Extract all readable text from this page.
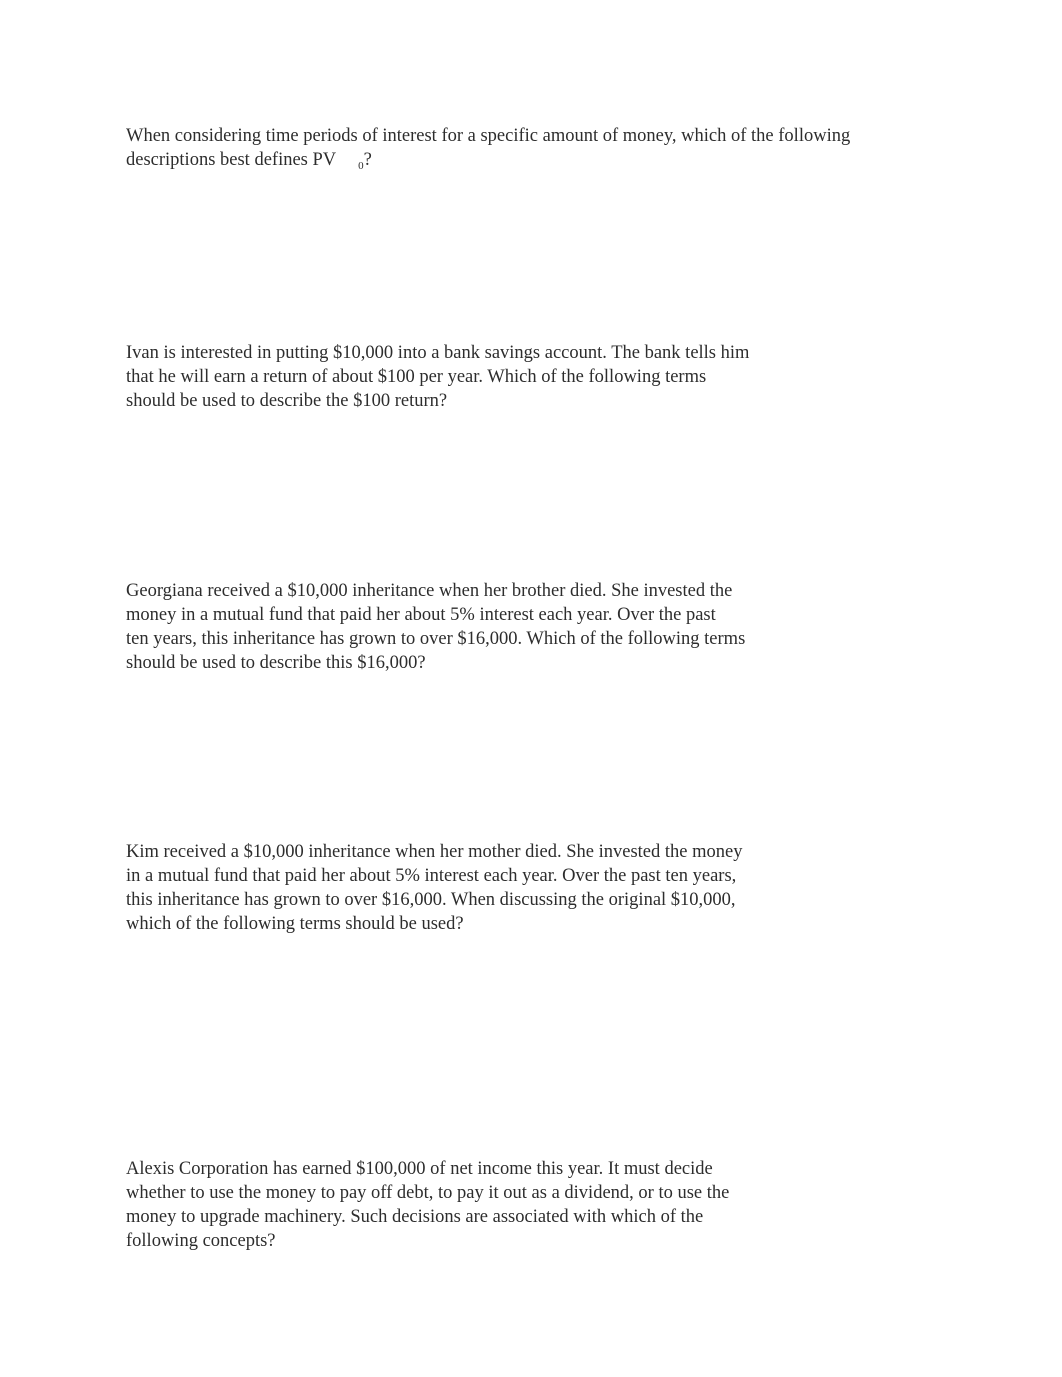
When considering time periods of interest for a specific amount of money, which of the following
descriptions best defines PV $_0$?

Ivan is interested in putting $10,000 into a bank savings account. The bank tells him
that he will earn a return of about $100 per year. Which of the following terms
should be used to describe the $100 return?

Georgiana received a $10,000 inheritance when her brother died. She invested the
money in a mutual fund that paid her about 5% interest each year. Over the past
ten years, this inheritance has grown to over $16,000. Which of the following terms
should be used to describe this $16,000?

Kim received a $10,000 inheritance when her mother died. She invested the money
in a mutual fund that paid her about 5% interest each year. Over the past ten years,
this inheritance has grown to over $16,000. When discussing the original $10,000,
which of the following terms should be used?

Alexis Corporation has earned $100,000 of net income this year. It must decide
whether to use the money to pay off debt, to pay it out as a dividend, or to use the
money to upgrade machinery. Such decisions are associated with which of the
following concepts?
